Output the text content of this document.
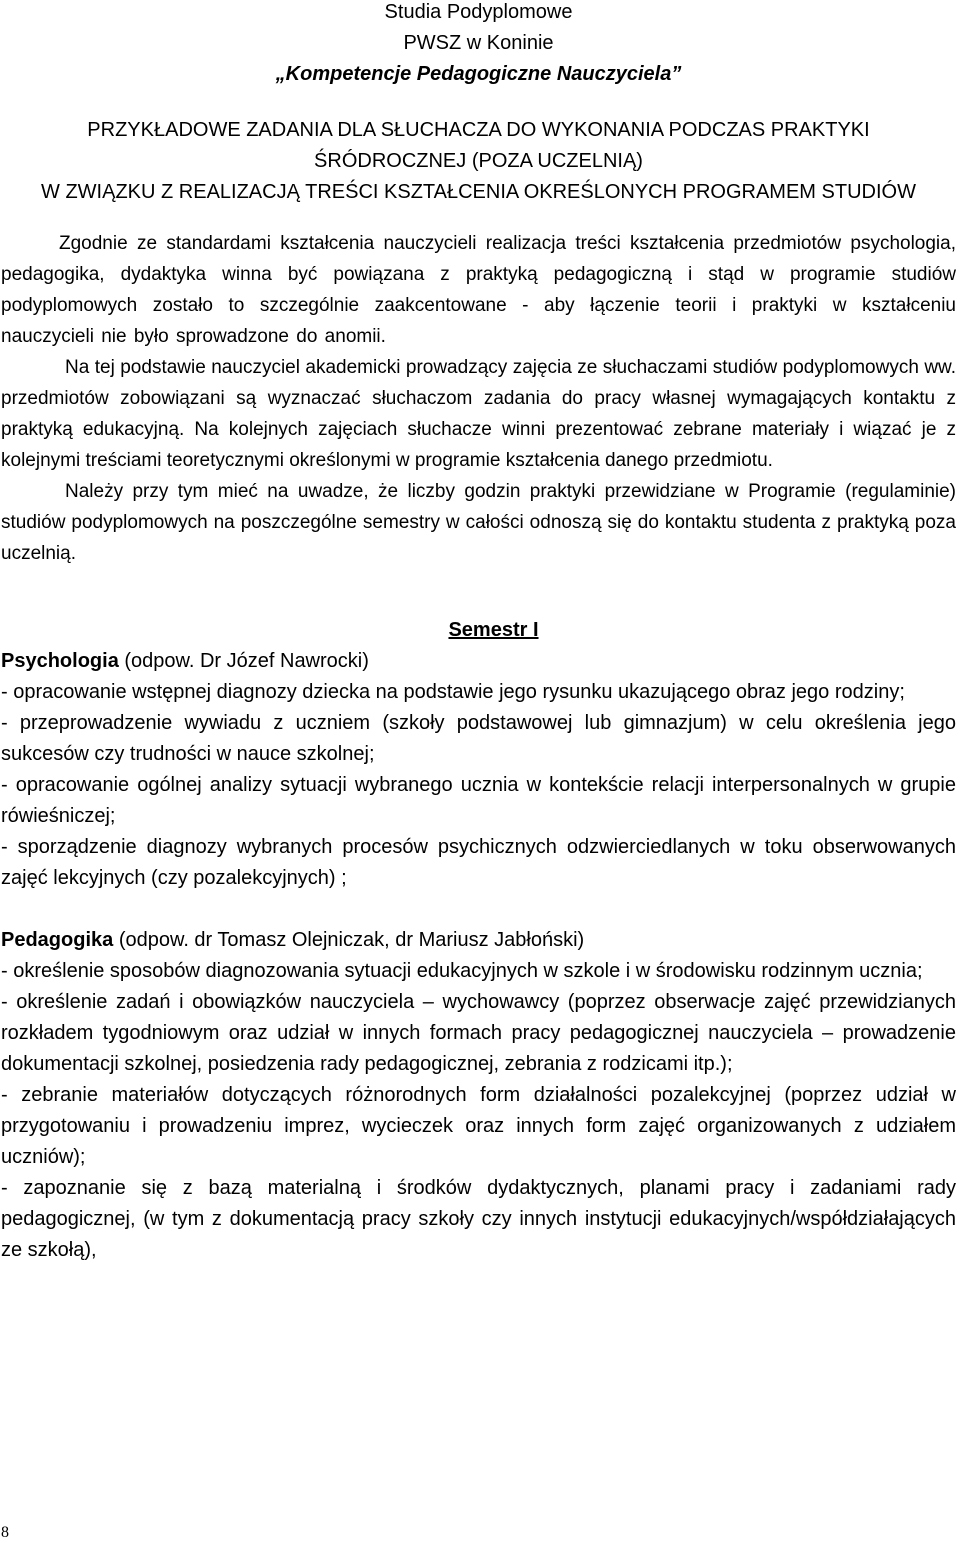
Studia Podyplomowe
PWSZ w Koninie
„Kompetencje Pedagogiczne Nauczyciela”
PRZYKŁADOWE ZADANIA DLA SŁUCHACZA DO WYKONANIA PODCZAS PRAKTYKI
ŚRÓDROCZNEJ (POZA UCZELNIĄ)
W ZWIĄZKU Z REALIZACJĄ TREŚCI KSZTAŁCENIA OKREŚLONYCH PROGRAMEM STUDIÓW

Zgodnie ze standardami kształcenia nauczycieli realizacja treści kształcenia przedmiotów psychologia, pedagogika, dydaktyka winna być powiązana z praktyką pedagogiczną i stąd w programie studiów podyplomowych zostało to szczególnie zaakcentowane - aby łączenie teorii i praktyki w kształceniu nauczycieli nie było sprowadzone do anomii.

Na tej podstawie nauczyciel akademicki prowadzący zajęcia ze słuchaczami studiów podyplomowych ww. przedmiotów zobowiązani są wyznaczać słuchaczom zadania do pracy własnej wymagających kontaktu z praktyką edukacyjną. Na kolejnych zajęciach słuchacze winni prezentować zebrane materiały i wiązać je z kolejnymi treściami teoretycznymi określonymi w programie kształcenia danego przedmiotu.

Należy przy tym mieć na uwadze, że liczby godzin praktyki przewidziane w Programie (regulaminie) studiów podyplomowych na poszczególne semestry w całości odnoszą się do kontaktu studenta z praktyką poza uczelnią.

Semestr I

Psychologia (odpow. Dr Józef Nawrocki)

- opracowanie wstępnej diagnozy dziecka na podstawie jego rysunku ukazującego obraz jego rodziny;

- przeprowadzenie wywiadu z uczniem (szkoły podstawowej lub gimnazjum) w celu określenia jego sukcesów czy trudności w nauce szkolnej;

- opracowanie ogólnej analizy sytuacji wybranego ucznia w kontekście relacji interpersonalnych w grupie rówieśniczej;

- sporządzenie diagnozy wybranych procesów psychicznych odzwierciedlanych w toku obserwowanych zajęć lekcyjnych (czy pozalekcyjnych) ;

Pedagogika (odpow. dr Tomasz Olejniczak, dr Mariusz Jabłoński)

- określenie sposobów diagnozowania sytuacji edukacyjnych w szkole i w środowisku rodzinnym ucznia;

- określenie zadań i obowiązków nauczyciela – wychowawcy (poprzez obserwacje zajęć przewidzianych rozkładem tygodniowym oraz udział w innych formach pracy pedagogicznej nauczyciela – prowadzenie dokumentacji szkolnej, posiedzenia rady pedagogicznej, zebrania z rodzicami itp.);

- zebranie materiałów dotyczących różnorodnych form działalności pozalekcyjnej (poprzez udział w przygotowaniu i prowadzeniu imprez, wycieczek oraz innych form zajęć organizowanych z udziałem uczniów);

- zapoznanie się z bazą materialną i środków dydaktycznych, planami pracy i zadaniami rady pedagogicznej, (w tym z dokumentacją pracy szkoły czy innych instytucji edukacyjnych/współdziałających ze szkołą),

8
